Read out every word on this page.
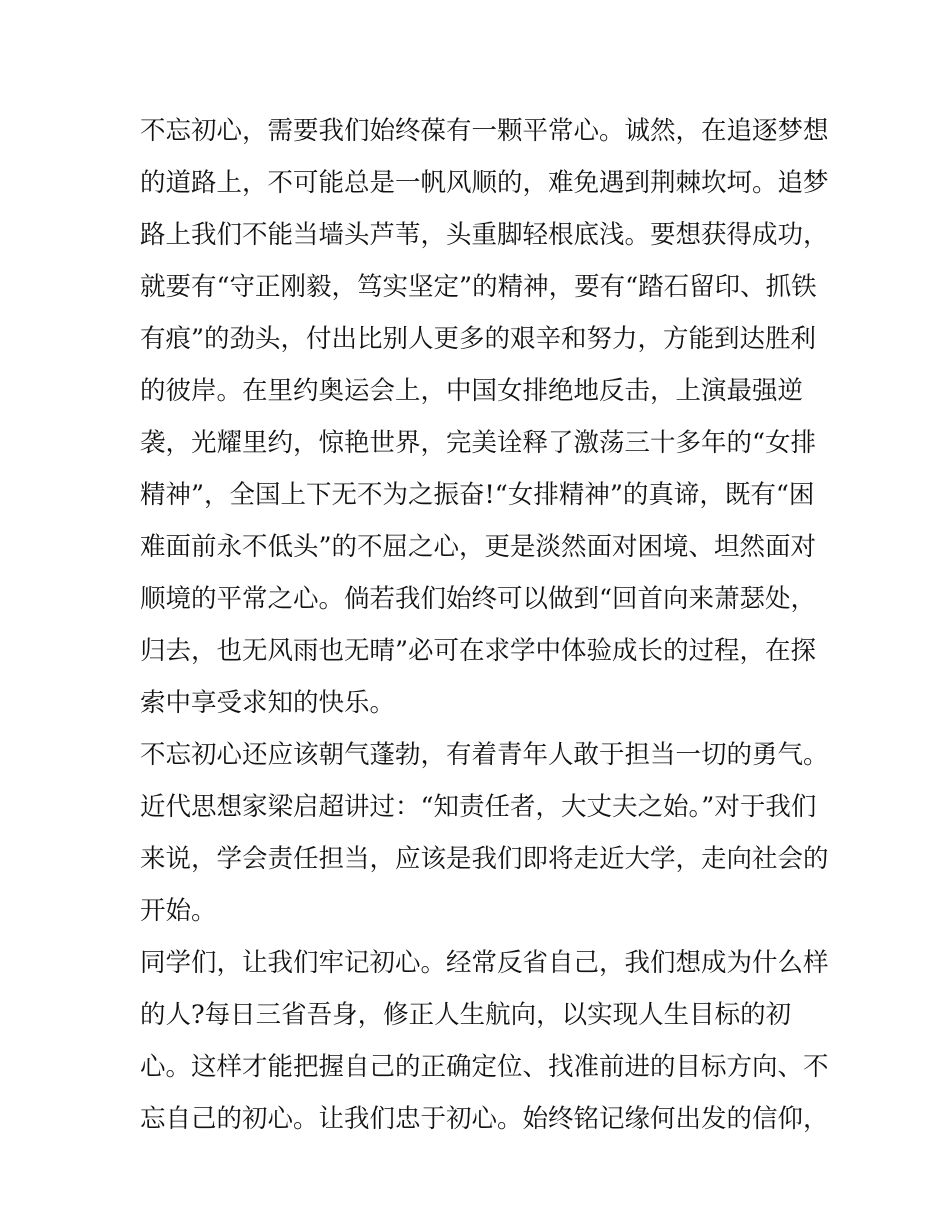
不忘初心，需要我们始终葆有一颗平常心。诚然，在追逐梦想
的道路上，不可能总是一帆风顺的，难免遇到荆棘坎坷。追梦
路上我们不能当墙头芦苇，头重脚轻根底浅。要想获得成功，
就要有“守正刚毅，笃实坚定”的精神，要有“踏石留印、抓铁
有痕”的劲头，付出比别人更多的艰辛和努力，方能到达胜利
的彼岸。在里约奥运会上，中国女排绝地反击，上演最强逆
袭，光耀里约，惊艳世界，完美诠释了激荡三十多年的“女排
精神”，全国上下无不为之振奋!“女排精神”的真谛，既有“困
难面前永不低头”的不屈之心，更是淡然面对困境、坦然面对
顺境的平常之心。倘若我们始终可以做到“回首向来萧瑟处，
归去，也无风雨也无晴”必可在求学中体验成长的过程，在探
索中享受求知的快乐。
不忘初心还应该朝气蓬勃，有着青年人敢于担当一切的勇气。
近代思想家梁启超讲过：“知责任者，大丈夫之始。”对于我们
来说，学会责任担当，应该是我们即将走近大学，走向社会的
开始。
同学们，让我们牢记初心。经常反省自己，我们想成为什么样
的人?每日三省吾身，修正人生航向，以实现人生目标的初
心。这样才能把握自己的正确定位、找准前进的目标方向、不
忘自己的初心。让我们忠于初心。始终铭记缘何出发的信仰，
